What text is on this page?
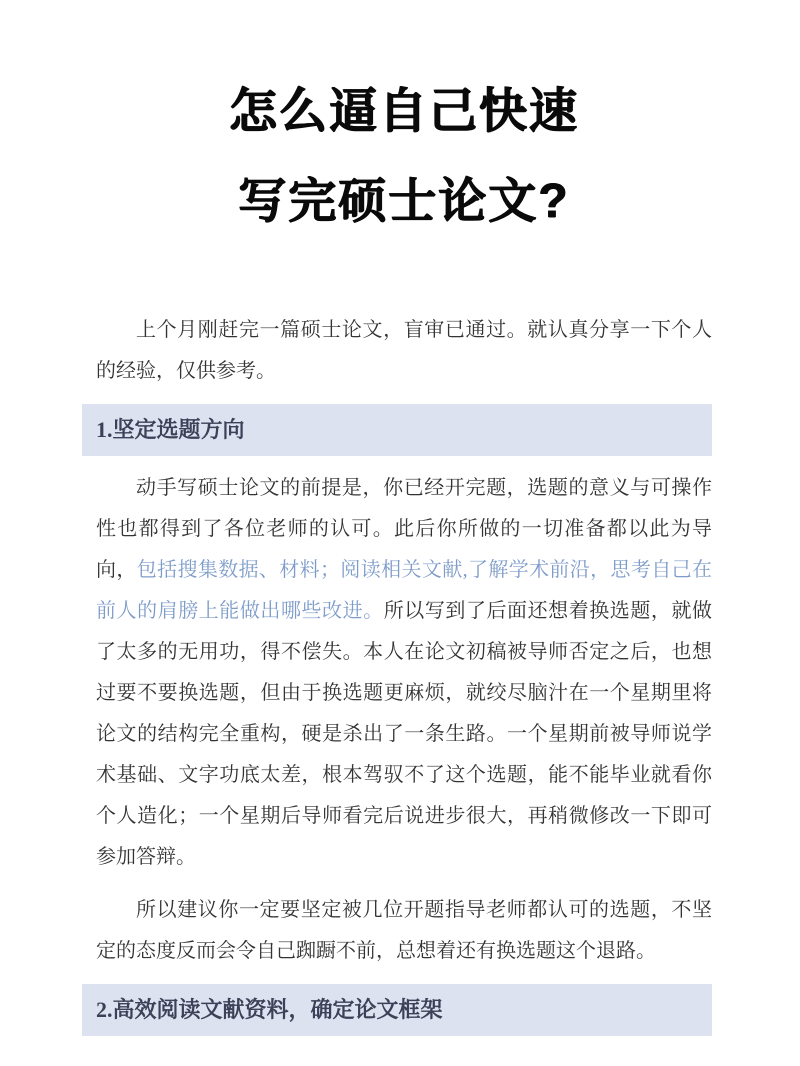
怎么逼自己快速
写完硕士论文?

上个月刚赶完一篇硕士论文，盲审已通过。就认真分享一下个人的经验，仅供参考。

1.坚定选题方向

动手写硕士论文的前提是，你已经开完题，选题的意义与可操作性也都得到了各位老师的认可。此后你所做的一切准备都以此为导向，包括搜集数据、材料；阅读相关文献,了解学术前沿，思考自己在前人的肩膀上能做出哪些改进。所以写到了后面还想着换选题，就做了太多的无用功，得不偿失。本人在论文初稿被导师否定之后，也想过要不要换选题，但由于换选题更麻烦，就绞尽脑汁在一个星期里将论文的结构完全重构，硬是杀出了一条生路。一个星期前被导师说学术基础、文字功底太差，根本驾驭不了这个选题，能不能毕业就看你个人造化；一个星期后导师看完后说进步很大，再稍微修改一下即可参加答辩。

所以建议你一定要坚定被几位开题指导老师都认可的选题，不坚定的态度反而会令自己踟蹰不前，总想着还有换选题这个退路。

2.高效阅读文献资料，确定论文框架
